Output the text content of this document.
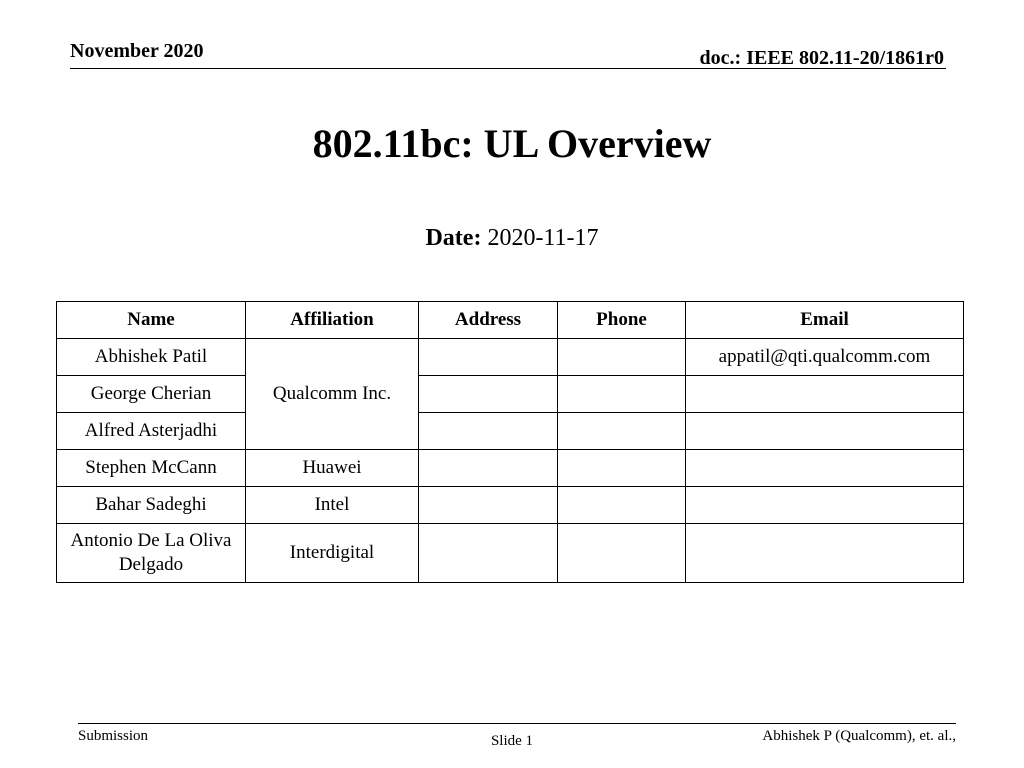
November 2020	doc.: IEEE 802.11-20/1861r0
802.11bc: UL Overview
Date: 2020-11-17
Name	Affiliation	Address	Phone	Email
Abhishek Patil	Qualcomm Inc.			appatil@qti.qualcomm.com
George Cherian				
Alfred Asterjadhi				
Stephen McCann	Huawei			
Bahar Sadeghi	Intel			
Antonio De La Oliva Delgado	Interdigital			
Submission	Slide 1	Abhishek P (Qualcomm), et. al.,
